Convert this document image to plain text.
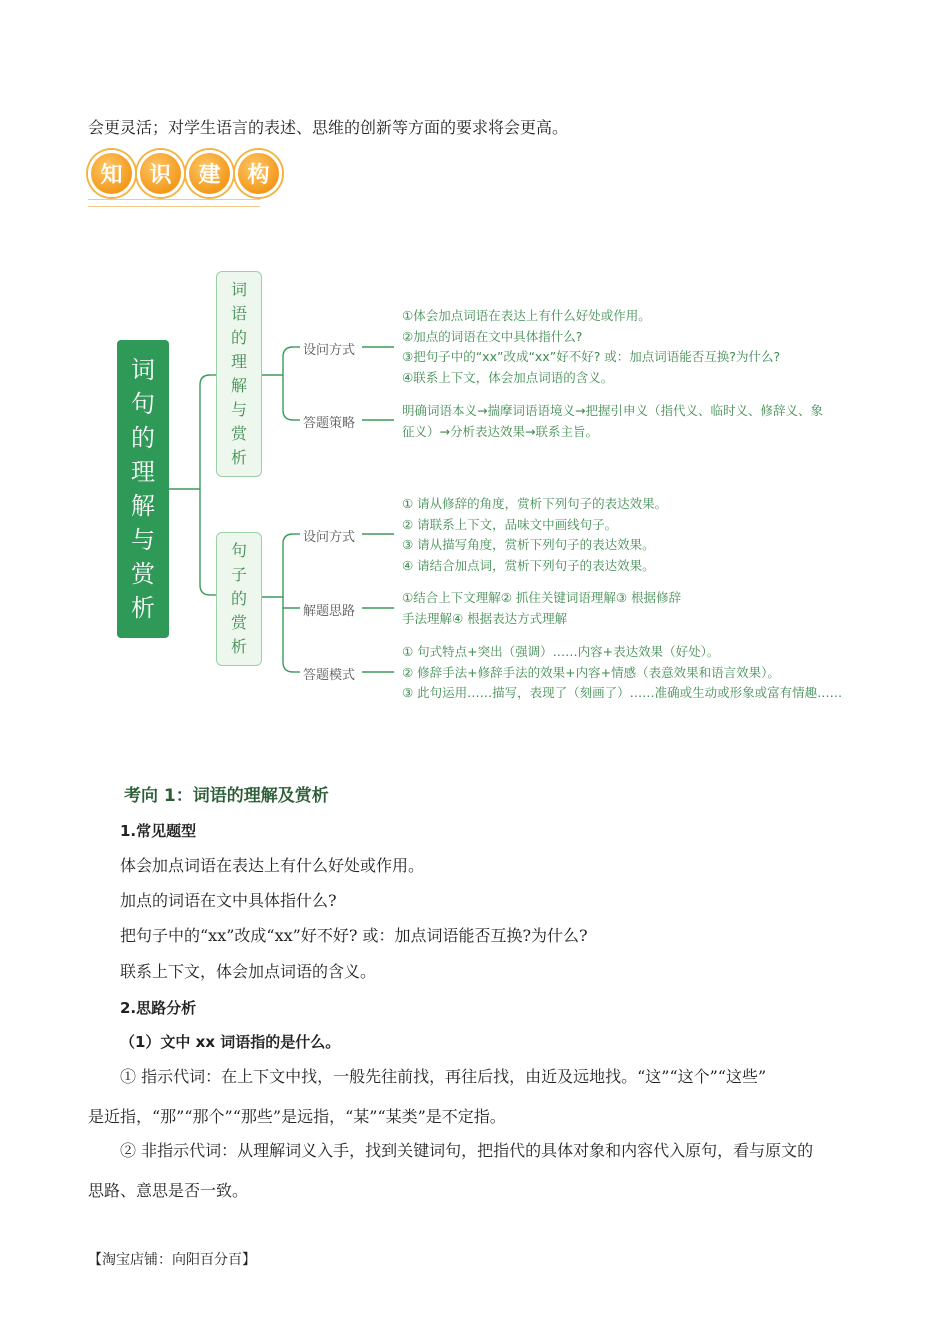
会更灵活；对学生语言的表述、思维的创新等方面的要求将会更高。
知	识	建	构
词
句
的
理
解
与
赏
析
词
语
的
理
解
与
赏
析
句
子
的
赏
析
设问方式
①体会加点词语在表达上有什么好处或作用。
②加点的词语在文中具体指什么?
③把句子中的“xx”改成“xx”好不好? 或：加点词语能否互换?为什么?
④联系上下文，体会加点词语的含义。
答题策略
明确词语本义→揣摩词语语境义→把握引申义（指代义、临时义、修辞义、象
征义）→分析表达效果→联系主旨。
设问方式
① 请从修辞的角度，赏析下列句子的表达效果。
② 请联系上下文，品味文中画线句子。
③ 请从描写角度，赏析下列句子的表达效果。
④ 请结合加点词，赏析下列句子的表达效果。
解题思路
①结合上下文理解② 抓住关键词语理解③ 根据修辞
手法理解④ 根据表达方式理解
答题模式
① 句式特点+突出（强调）……内容+表达效果（好处）。
② 修辞手法+修辞手法的效果+内容+情感（表意效果和语言效果）。
③ 此句运用……描写，表现了（刻画了）……准确或生动或形象或富有情趣……
考向 1：词语的理解及赏析
1.常见题型
体会加点词语在表达上有什么好处或作用。
加点的词语在文中具体指什么?
把句子中的“xx”改成“xx”好不好? 或：加点词语能否互换?为什么?
联系上下文，体会加点词语的含义。
2.思路分析
（1）文中 xx 词语指的是什么。
① 指示代词：在上下文中找，一般先往前找，再往后找，由近及远地找。“这”“这个”“这些”
是近指，“那”“那个”“那些”是远指，“某”“某类”是不定指。
② 非指示代词：从理解词义入手，找到关键词句，把指代的具体对象和内容代入原句，看与原文的
思路、意思是否一致。
【淘宝店铺：向阳百分百】
